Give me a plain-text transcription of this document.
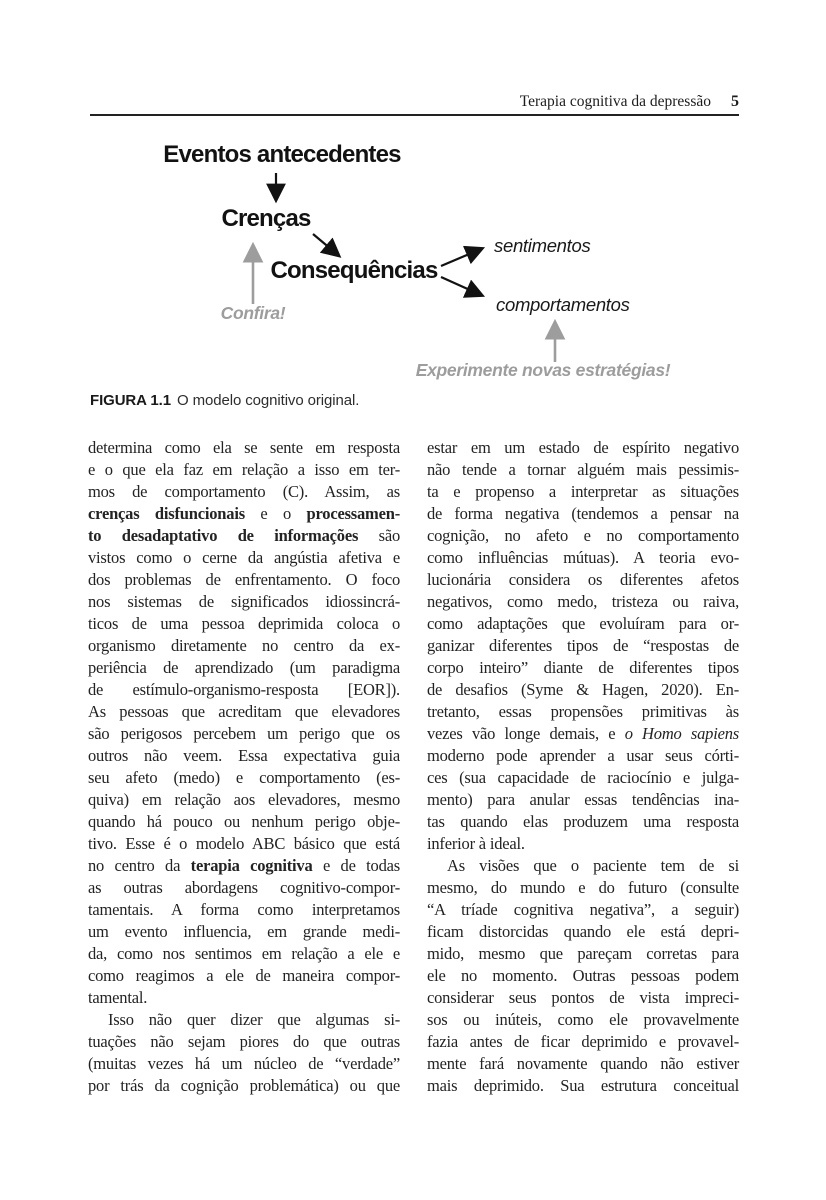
Terapia cognitiva da depressão 5
Eventos antecedentes
Crenças
Consequências
sentimentos
comportamentos
Confira!
Experimente novas estratégias!
FIGURA 1.1 O modelo cognitivo original.
determina como ela se sente em resposta
e o que ela faz em relação a isso em ter-
mos de comportamento (C). Assim, as
crenças disfuncionais e o processamen-
to desadaptativo de informações são
vistos como o cerne da angústia afetiva e
dos problemas de enfrentamento. O foco
nos sistemas de significados idiossincrá-
ticos de uma pessoa deprimida coloca o
organismo diretamente no centro da ex-
periência de aprendizado (um paradigma
de estímulo-organismo-resposta [EOR]).
As pessoas que acreditam que elevadores
são perigosos percebem um perigo que os
outros não veem. Essa expectativa guia
seu afeto (medo) e comportamento (es-
quiva) em relação aos elevadores, mesmo
quando há pouco ou nenhum perigo obje-
tivo. Esse é o modelo ABC básico que está
no centro da terapia cognitiva e de todas
as outras abordagens cognitivo-compor-
tamentais. A forma como interpretamos
um evento influencia, em grande medi-
da, como nos sentimos em relação a ele e
como reagimos a ele de maneira compor-
tamental.
Isso não quer dizer que algumas si-
tuações não sejam piores do que outras
(muitas vezes há um núcleo de “verdade”
por trás da cognição problemática) ou que
estar em um estado de espírito negativo
não tende a tornar alguém mais pessimis-
ta e propenso a interpretar as situações
de forma negativa (tendemos a pensar na
cognição, no afeto e no comportamento
como influências mútuas). A teoria evo-
lucionária considera os diferentes afetos
negativos, como medo, tristeza ou raiva,
como adaptações que evoluíram para or-
ganizar diferentes tipos de “respostas de
corpo inteiro” diante de diferentes tipos
de desafios (Syme & Hagen, 2020). En-
tretanto, essas propensões primitivas às
vezes vão longe demais, e o Homo sapiens
moderno pode aprender a usar seus córti-
ces (sua capacidade de raciocínio e julga-
mento) para anular essas tendências ina-
tas quando elas produzem uma resposta
inferior à ideal.
As visões que o paciente tem de si
mesmo, do mundo e do futuro (consulte
“A tríade cognitiva negativa”, a seguir)
ficam distorcidas quando ele está depri-
mido, mesmo que pareçam corretas para
ele no momento. Outras pessoas podem
considerar seus pontos de vista impreci-
sos ou inúteis, como ele provavelmente
fazia antes de ficar deprimido e provavel-
mente fará novamente quando não estiver
mais deprimido. Sua estrutura conceitual
